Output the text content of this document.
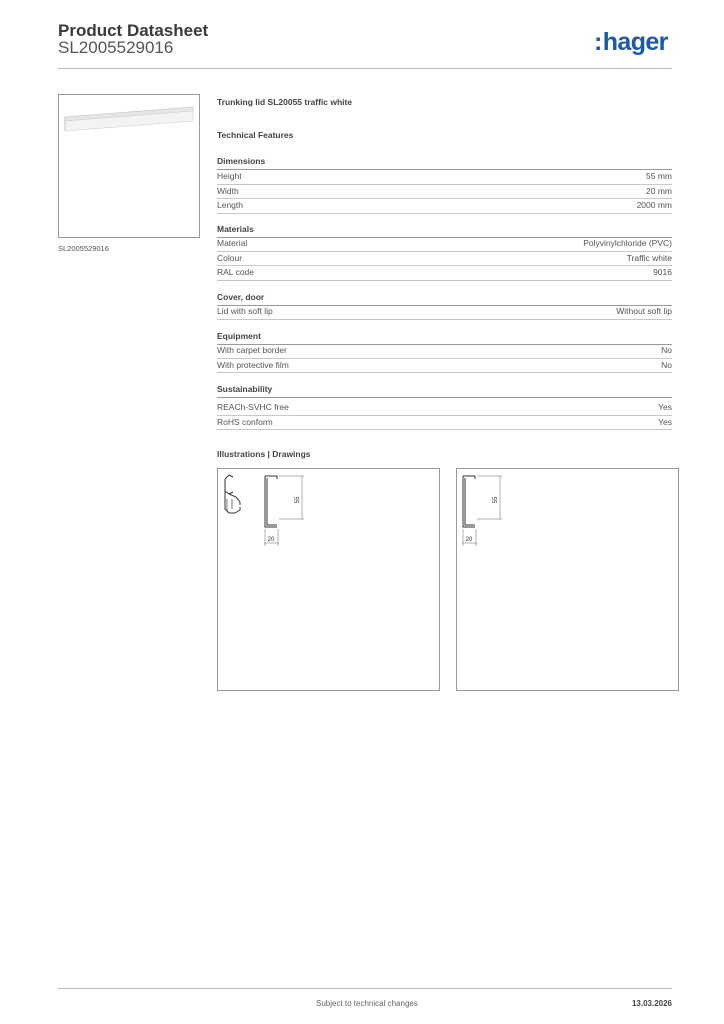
Product Datasheet
SL2005529016	:hager
SL2005529016
Trunking lid SL20055 traffic white
Technical Features
Dimensions
Height	55 mm
Width	20 mm
Length	2000 mm
Materials
Material	Polyvinylchloride (PVC)
Colour	Traffic white
RAL code	9016
Cover, door
Lid with soft lip	Without soft lip
Equipment
With carpet border	No
With protective film	No
Sustainability
REACh-SVHC free	Yes
RoHS conform	Yes
Illustrations | Drawings
55
20
55
20
Subject to technical changes	13.03.2026
